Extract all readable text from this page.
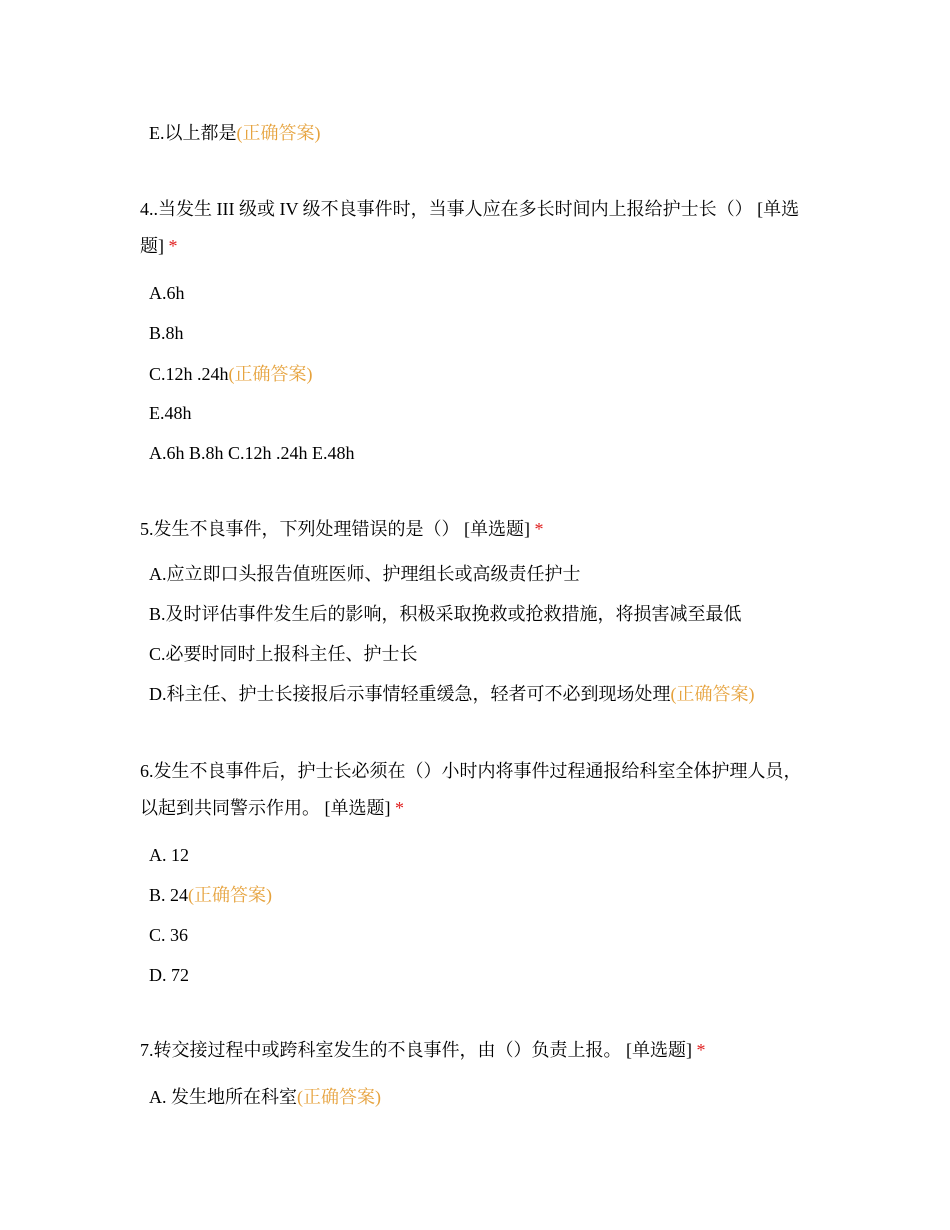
E.以上都是(正确答案)
4..当发生 III 级或 IV 级不良事件时，当事人应在多长时间内上报给护士长（） [单选题] *
A.6h
B.8h
C.12h .24h(正确答案)
E.48h
A.6h B.8h C.12h .24h E.48h
5.发生不良事件，下列处理错误的是（） [单选题] *
A.应立即口头报告值班医师、护理组长或高级责任护士
B.及时评估事件发生后的影响，积极采取挽救或抢救措施，将损害减至最低
C.必要时同时上报科主任、护士长
D.科主任、护士长接报后示事情轻重缓急，轻者可不必到现场处理(正确答案)
6.发生不良事件后，护士长必须在（）小时内将事件过程通报给科室全体护理人员，以起到共同警示作用。 [单选题] *
A. 12
B. 24(正确答案)
C. 36
D. 72
7.转交接过程中或跨科室发生的不良事件，由（）负责上报。 [单选题] *
A. 发生地所在科室(正确答案)
